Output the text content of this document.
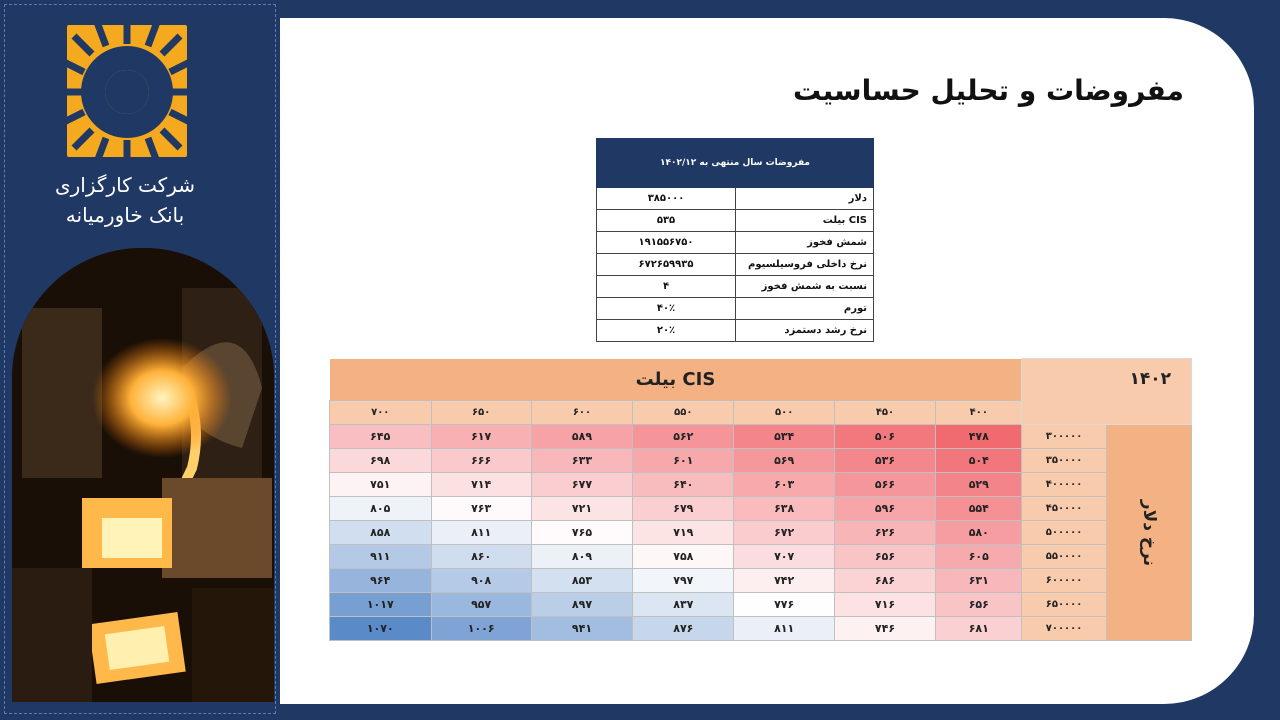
شرکت کارگزاری
بانک خاورمیانه
مفروضات و تحلیل حساسیت
مفروضات سال منتهی به ۱۴۰۲/۱۲	
دلار	۳۸۵۰۰۰
CIS بیلت	۵۳۵
شمش فخوز	۱۹۱۵۵۶۷۵۰
نرخ داخلی فروسیلسیوم	۶۷۲۶۵۹۹۳۵
نسبت به شمش فخوز	۴
تورم	۴۰٪
نرخ رشد دستمزد	۲۰٪
۱۴۰۲		CIS بیلت						
		۴۰۰	۴۵۰	۵۰۰	۵۵۰	۶۰۰	۶۵۰	۷۰۰
نرخ دلار	۳۰۰۰۰۰	۴۷۸	۵۰۶	۵۳۴	۵۶۲	۵۸۹	۶۱۷	۶۴۵
	۳۵۰۰۰۰	۵۰۴	۵۳۶	۵۶۹	۶۰۱	۶۳۳	۶۶۶	۶۹۸
	۴۰۰۰۰۰	۵۲۹	۵۶۶	۶۰۳	۶۴۰	۶۷۷	۷۱۴	۷۵۱
	۴۵۰۰۰۰	۵۵۴	۵۹۶	۶۳۸	۶۷۹	۷۲۱	۷۶۳	۸۰۵
	۵۰۰۰۰۰	۵۸۰	۶۲۶	۶۷۲	۷۱۹	۷۶۵	۸۱۱	۸۵۸
	۵۵۰۰۰۰	۶۰۵	۶۵۶	۷۰۷	۷۵۸	۸۰۹	۸۶۰	۹۱۱
	۶۰۰۰۰۰	۶۳۱	۶۸۶	۷۴۲	۷۹۷	۸۵۳	۹۰۸	۹۶۴
	۶۵۰۰۰۰	۶۵۶	۷۱۶	۷۷۶	۸۳۷	۸۹۷	۹۵۷	۱۰۱۷
	۷۰۰۰۰۰	۶۸۱	۷۴۶	۸۱۱	۸۷۶	۹۴۱	۱۰۰۶	۱۰۷۰
